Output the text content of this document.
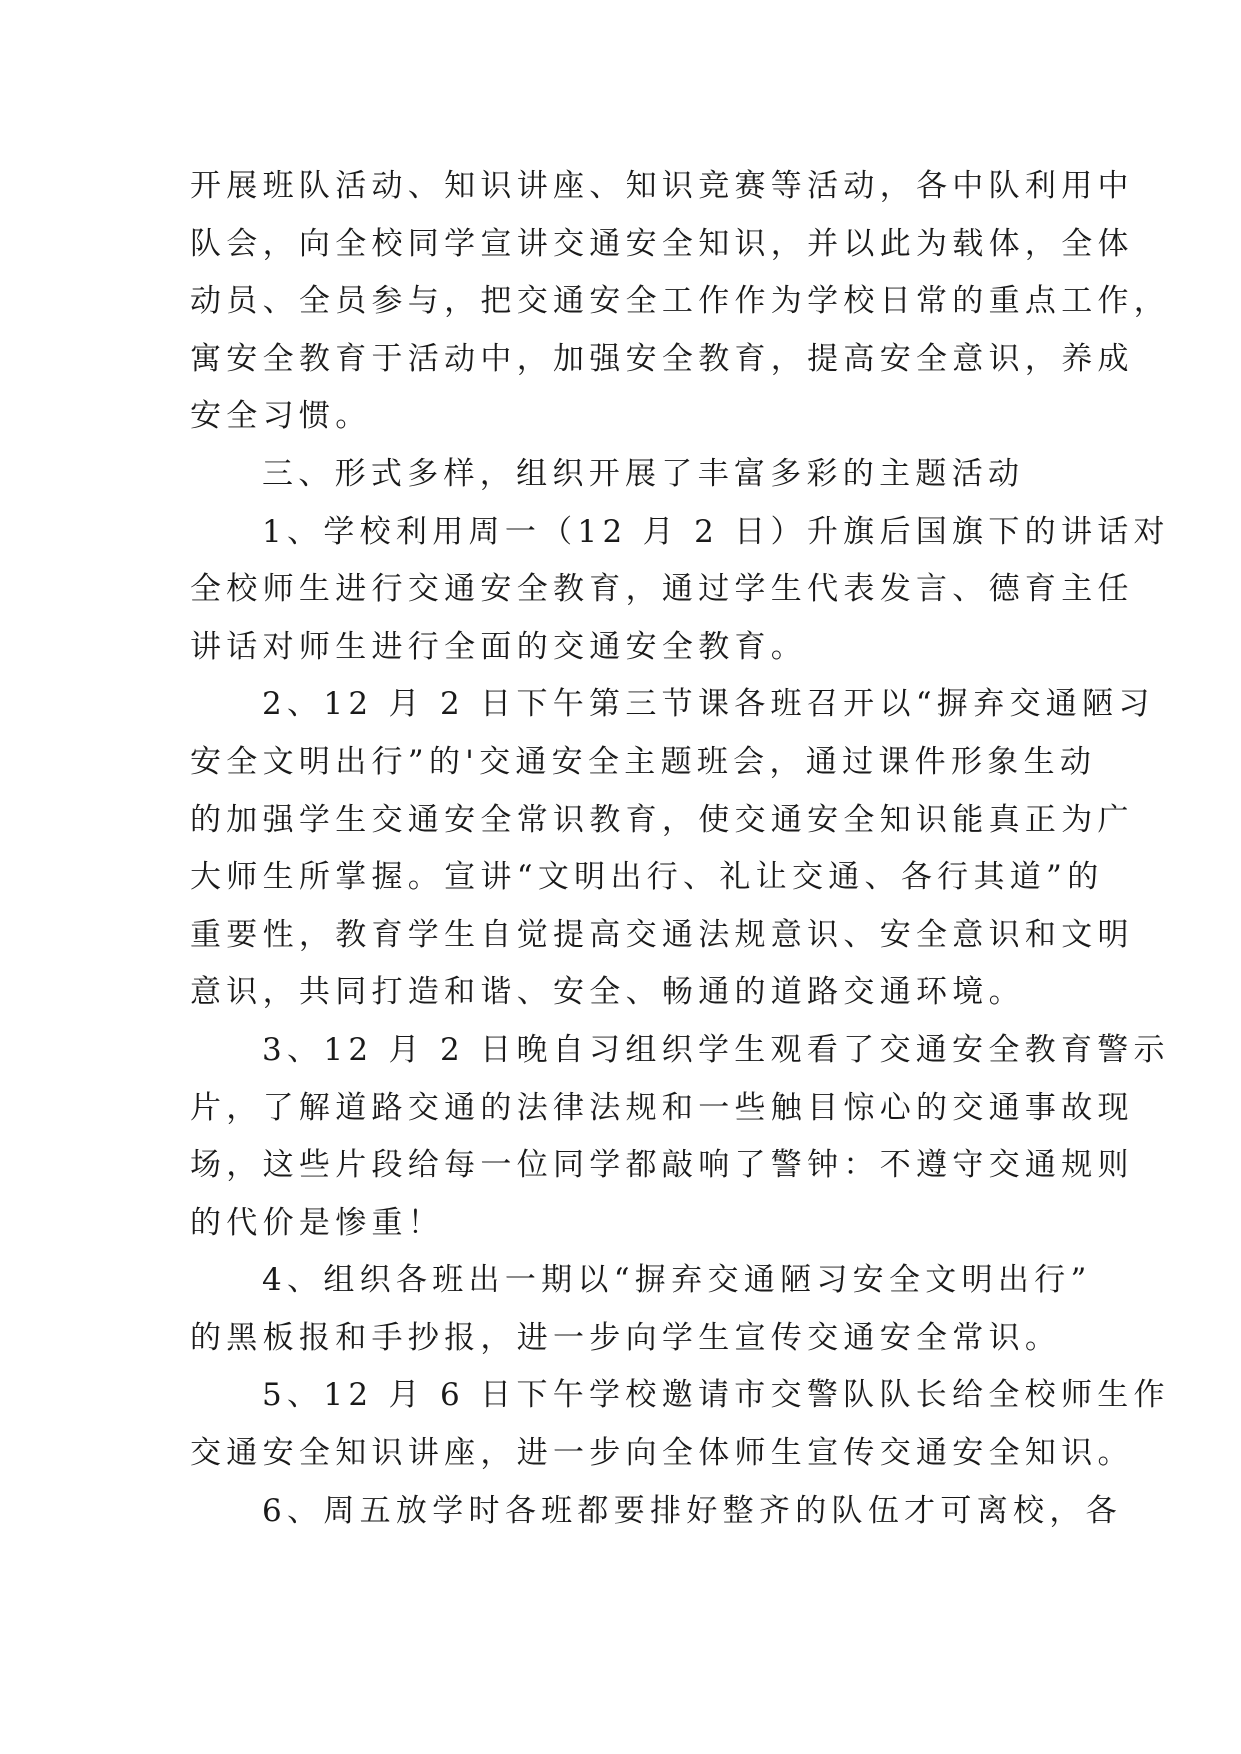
开展班队活动、知识讲座、知识竞赛等活动，各中队利用中
队会，向全校同学宣讲交通安全知识，并以此为载体，全体
动员、全员参与，把交通安全工作作为学校日常的重点工作，
寓安全教育于活动中，加强安全教育，提高安全意识，养成
安全习惯。
三、形式多样，组织开展了丰富多彩的主题活动
1、学校利用周一（12 月 2 日）升旗后国旗下的讲话对
全校师生进行交通安全教育，通过学生代表发言、德育主任
讲话对师生进行全面的交通安全教育。
2、12 月 2 日下午第三节课各班召开以“摒弃交通陋习
安全文明出行”的'交通安全主题班会，通过课件形象生动
的加强学生交通安全常识教育，使交通安全知识能真正为广
大师生所掌握。宣讲“文明出行、礼让交通、各行其道”的
重要性，教育学生自觉提高交通法规意识、安全意识和文明
意识，共同打造和谐、安全、畅通的道路交通环境。
3、12 月 2 日晚自习组织学生观看了交通安全教育警示
片，了解道路交通的法律法规和一些触目惊心的交通事故现
场，这些片段给每一位同学都敲响了警钟：不遵守交通规则
的代价是惨重！
4、组织各班出一期以“摒弃交通陋习安全文明出行”
的黑板报和手抄报，进一步向学生宣传交通安全常识。
5、12 月 6 日下午学校邀请市交警队队长给全校师生作
交通安全知识讲座，进一步向全体师生宣传交通安全知识。
6、周五放学时各班都要排好整齐的队伍才可离校，各
